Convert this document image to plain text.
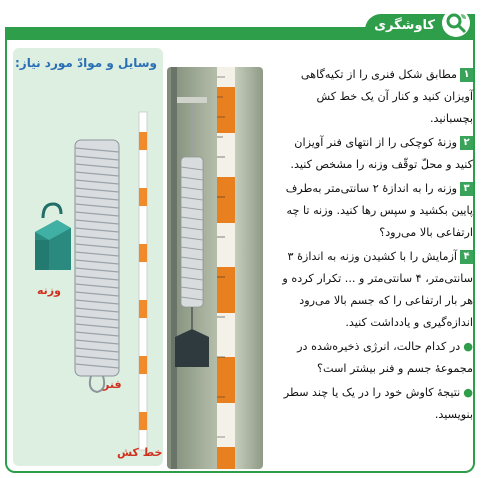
کاوشگری
وسایل و موادّ مورد نیاز:
وزنه
فنر
خط کش

۱مطابق شکل فنری را از تکیه‌گاهی آویزان کنید و کنار آن یک خط کش بچسبانید.

۲وزنهٔ کوچکی را از انتهای فنر آویزان کنید و محلّ توقّف وزنه را مشخص کنید.

۳وزنه را به اندازهٔ ۲ سانتی‌متر به‌طرف پایین بکشید و سپس رها کنید. وزنه تا چه ارتفاعی بالا می‌رود؟

۴آزمایش را با کشیدن وزنه به اندازهٔ ۳ سانتی‌متر، ۴ سانتی‌متر و ... تکرار کرده و هر بار ارتفاعی را که جسم بالا می‌رود اندازه‌گیری و یادداشت کنید.

●در کدام حالت، انرژی ذخیره‌شده در مجموعهٔ جسم و فنر بیشتر است؟

●نتیجهٔ کاوش خود را در یک یا چند سطر بنویسید.
